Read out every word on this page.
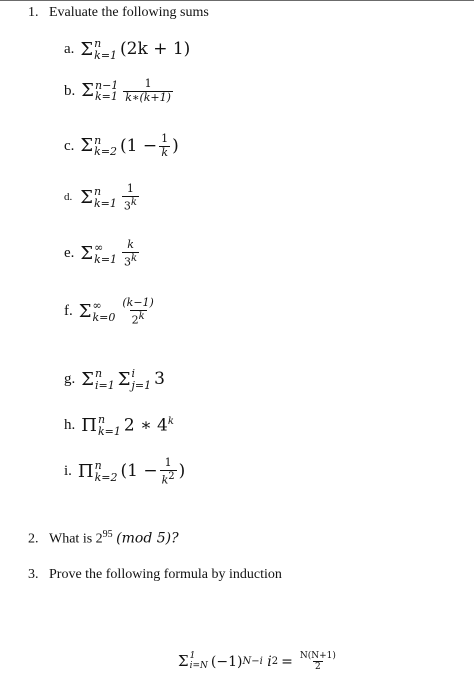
1. Evaluate the following sums
a. Σ n
k=1 (2k + 1)
b. Σ n−1
$k=1 \frac{1}{k∗(k+1)}$
c. Σ n
k=2 ($1 - \frac{1}{k}$ )
d. Σ n
$k=1 \frac{1}{3^k}$
e. Σ ∞
$k=1 \frac{k}{3^k}$
f. Σ ∞
$k=0 \frac{(k-1)}{2^k}$
g. Σ n
i=1 Σ i
j=1 3
h. Π n
k=1 2 ∗ 4$^k$
i. Π n
k=2 ($1 - \frac{1}{k^2}$ )
2. What is $2^{95}$ (mod 5)?
3. Prove the following formula by induction
Σ 1
i=N (−1) N−i
i $2 = \frac{N(N+1)}{2}$
